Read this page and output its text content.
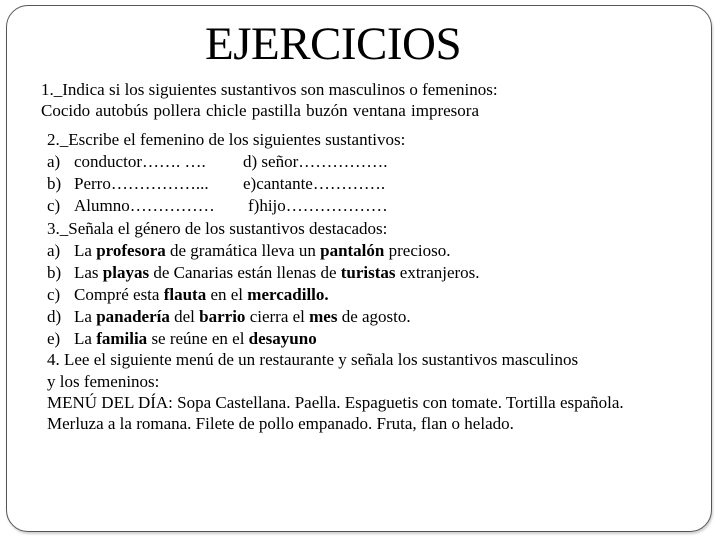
EJERCICIOS
1._Indica si los siguientes sustantivos son masculinos o femeninos:
Cocido autobús pollera chicle pastilla buzón ventana impresora
2._Escribe el femenino de los siguientes sustantivos:
a) conductor……. …. d) señor…………….
b) Perro……………... e)cantante………….
c) Alumno…………… f)hijo………………
3._Señala el género de los sustantivos destacados:
a) La profesora de gramática lleva un pantalón precioso.
b) Las playas de Canarias están llenas de turistas extranjeros.
c) Compré esta flauta en el mercadillo.
d) La panadería del barrio cierra el mes de agosto.
e) La familia se reúne en el desayuno
4. Lee el siguiente menú de un restaurante y señala los sustantivos masculinos
y los femeninos:
MENÚ DEL DÍA: Sopa Castellana. Paella. Espaguetis con tomate. Tortilla española.
Merluza a la romana. Filete de pollo empanado. Fruta, flan o helado.
